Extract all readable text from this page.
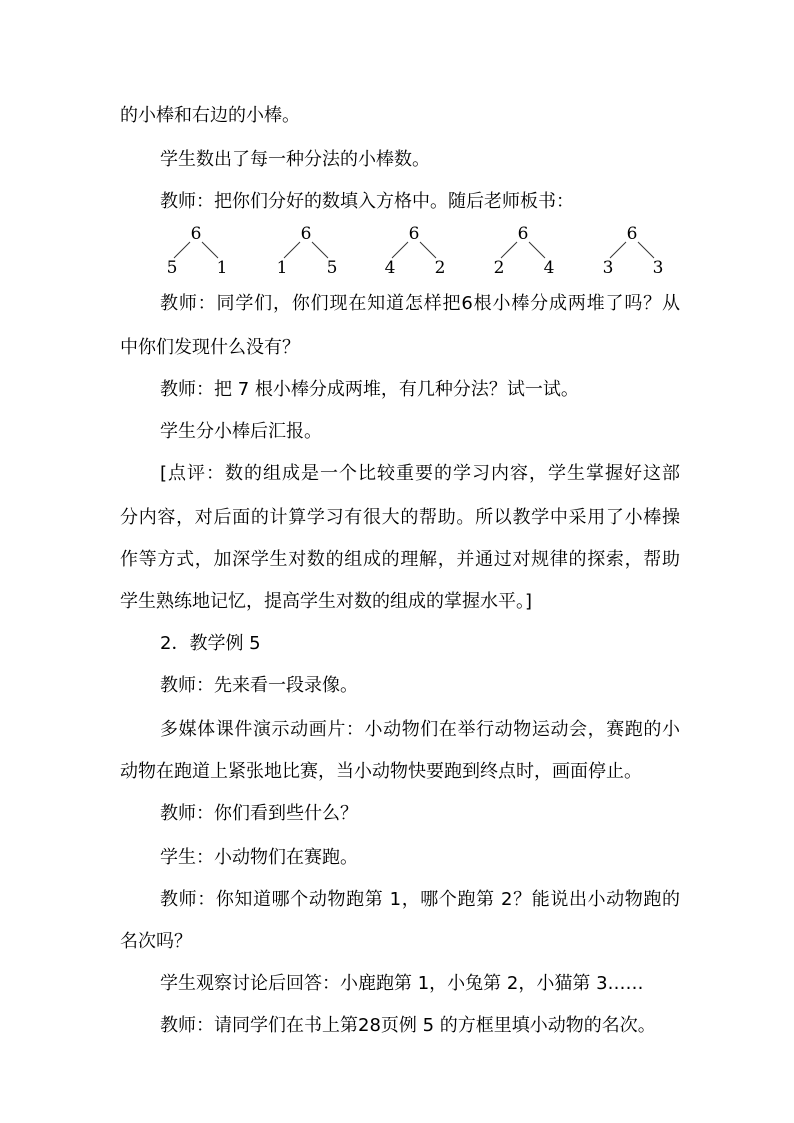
的小棒和右边的小棒。
学生数出了每一种分法的小棒数。
教师：把你们分好的数填入方格中。随后老师板书：
6
5 1
6
1 5
6
4 2
6
2 4
6
3 3
教师：同学们，你们现在知道怎样把6根小棒分成两堆了吗？从
中你们发现什么没有？
教师：把 7 根小棒分成两堆，有几种分法？试一试。
学生分小棒后汇报。
[点评：数的组成是一个比较重要的学习内容，学生掌握好这部
分内容，对后面的计算学习有很大的帮助。所以教学中采用了小棒操
作等方式，加深学生对数的组成的理解，并通过对规律的探索，帮助
学生熟练地记忆，提高学生对数的组成的掌握水平。]
2．教学例 5
教师：先来看一段录像。
多媒体课件演示动画片：小动物们在举行动物运动会，赛跑的小
动物在跑道上紧张地比赛，当小动物快要跑到终点时，画面停止。
教师：你们看到些什么？
学生：小动物们在赛跑。
教师：你知道哪个动物跑第 1，哪个跑第 2？能说出小动物跑的
名次吗？
学生观察讨论后回答：小鹿跑第 1，小兔第 2，小猫第 3……
教师：请同学们在书上第28页例 5 的方框里填小动物的名次。
